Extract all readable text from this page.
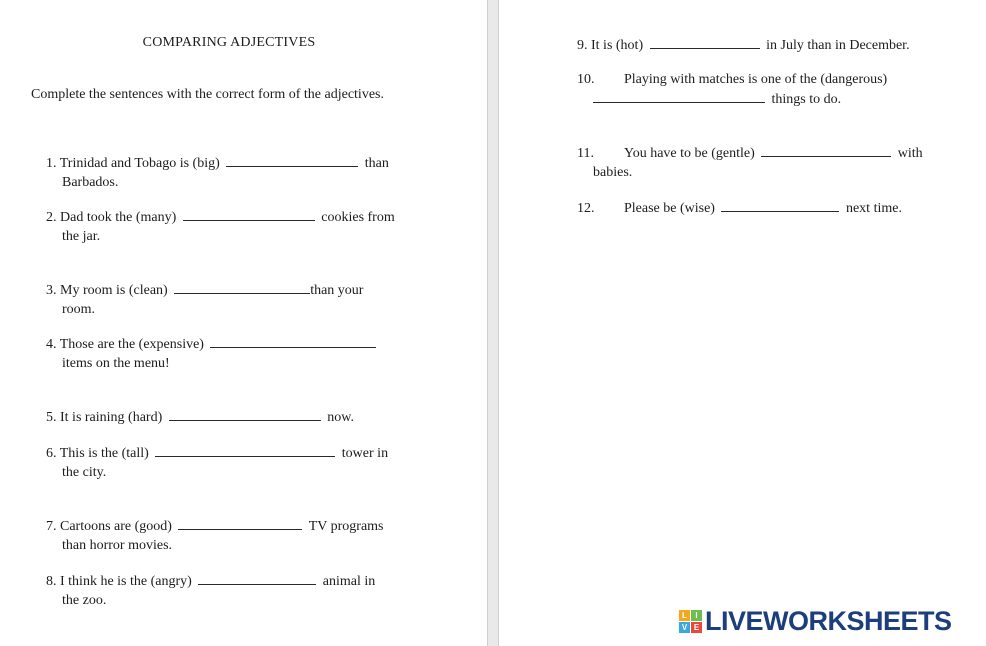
COMPARING ADJECTIVES
Complete the sentences with the correct form of the adjectives.
1. Trinidad and Tobago is (big)	than
Barbados.
2. Dad took the (many)	cookies from
the jar.
3. My room is (clean)	than your
room.
4. Those are the (expensive)
items on the menu!
5. It is raining (hard)	now.
6. This is the (tall)	tower in
the city.
7. Cartoons are (good)	TV programs
than horror movies.
8. I think he is the (angry)	animal in
the zoo.
9. It is (hot)	in July than in December.
10. Playing with matches is one of the (dangerous)
things to do.
11. You have to be (gentle)	with
babies.
12. Please be (wise)	next time.
L	I
V E LIVEWORKSHEETS
